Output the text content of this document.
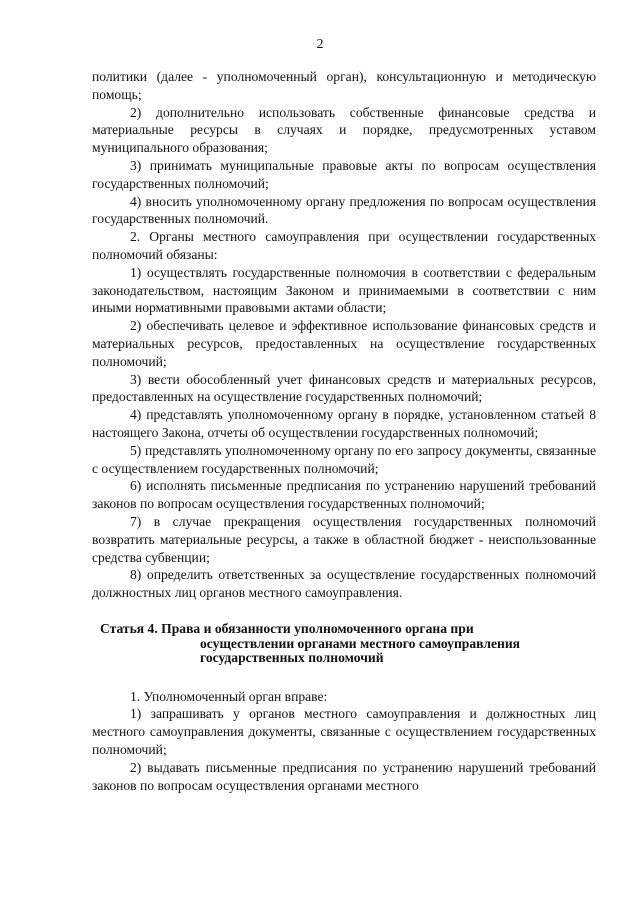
2

политики (далее - уполномоченный орган), консультационную и методическую помощь;

2) дополнительно использовать собственные финансовые средства и материальные ресурсы в случаях и порядке, предусмотренных уставом муниципального образования;

3) принимать муниципальные правовые акты по вопросам осуществления государственных полномочий;

4) вносить уполномоченному органу предложения по вопросам осуществления государственных полномочий.

2. Органы местного самоуправления при осуществлении государственных полномочий обязаны:

1) осуществлять государственные полномочия в соответствии с федеральным законодательством, настоящим Законом и принимаемыми в соответствии с ним иными нормативными правовыми актами области;

2) обеспечивать целевое и эффективное использование финансовых средств и материальных ресурсов, предоставленных на осуществление государственных полномочий;

3) вести обособленный учет финансовых средств и материальных ресурсов, предоставленных на осуществление государственных полномочий;

4) представлять уполномоченному органу в порядке, установленном статьей 8 настоящего Закона, отчеты об осуществлении государственных полномочий;

5) представлять уполномоченному органу по его запросу документы, связанные с осуществлением государственных полномочий;

6) исполнять письменные предписания по устранению нарушений требований законов по вопросам осуществления государственных полномочий;

7) в случае прекращения осуществления государственных полномочий возвратить материальные ресурсы, а также в областной бюджет - неиспользованные средства субвенции;

8) определить ответственных за осуществление государственных полномочий должностных лиц органов местного самоуправления.

Статья 4. Права и обязанности уполномоченного органа при
осуществлении органами местного самоуправления
государственных полномочий

1. Уполномоченный орган вправе:

1) запрашивать у органов местного самоуправления и должностных лиц местного самоуправления документы, связанные с осуществлением государственных полномочий;

2) выдавать письменные предписания по устранению нарушений требований законов по вопросам осуществления органами местного
